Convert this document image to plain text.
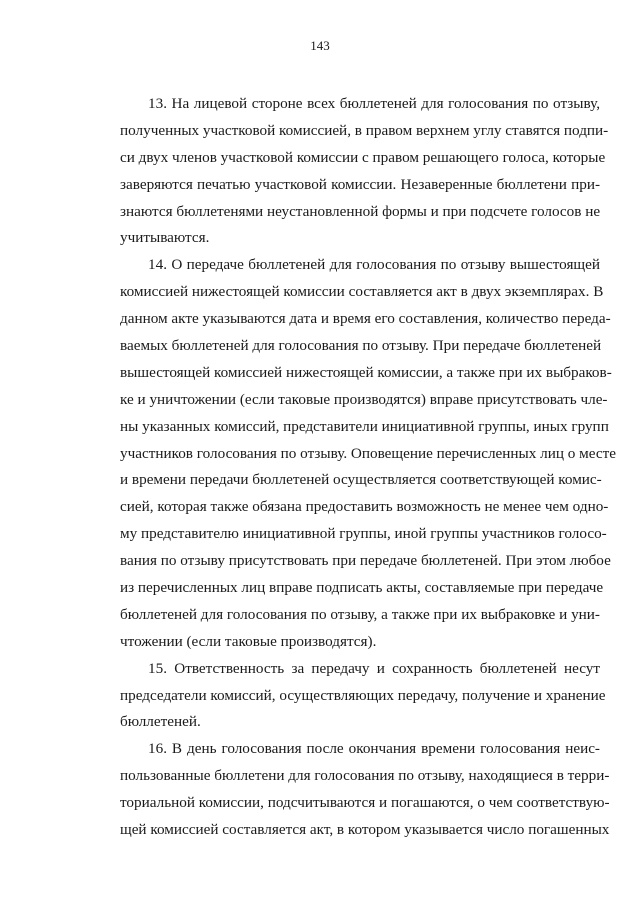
143
13. На лицевой стороне всех бюллетеней для голосования по отзыву,
полученных участковой комиссией, в правом верхнем углу ставятся подпи-
си двух членов участковой комиссии с правом решающего голоса, которые
заверяются печатью участковой комиссии. Незаверенные бюллетени при-
знаются бюллетенями неустановленной формы и при подсчете голосов не
учитываются.
14. О передаче бюллетеней для голосования по отзыву вышестоящей
комиссией нижестоящей комиссии составляется акт в двух экземплярах. В
данном акте указываются дата и время его составления, количество переда-
ваемых бюллетеней для голосования по отзыву. При передаче бюллетеней
вышестоящей комиссией нижестоящей комиссии, а также при их выбраков-
ке и уничтожении (если таковые производятся) вправе присутствовать чле-
ны указанных комиссий, представители инициативной группы, иных групп
участников голосования по отзыву. Оповещение перечисленных лиц о месте
и времени передачи бюллетеней осуществляется соответствующей комис-
сией, которая также обязана предоставить возможность не менее чем одно-
му представителю инициативной группы, иной группы участников голосо-
вания по отзыву присутствовать при передаче бюллетеней. При этом любое
из перечисленных лиц вправе подписать акты, составляемые при передаче
бюллетеней для голосования по отзыву, а также при их выбраковке и уни-
чтожении (если таковые производятся).
15. Ответственность за передачу и сохранность бюллетеней несут
председатели комиссий, осуществляющих передачу, получение и хранение
бюллетеней.
16. В день голосования после окончания времени голосования неис-
пользованные бюллетени для голосования по отзыву, находящиеся в терри-
ториальной комиссии, подсчитываются и погашаются, о чем соответствую-
щей комиссией составляется акт, в котором указывается число погашенных
